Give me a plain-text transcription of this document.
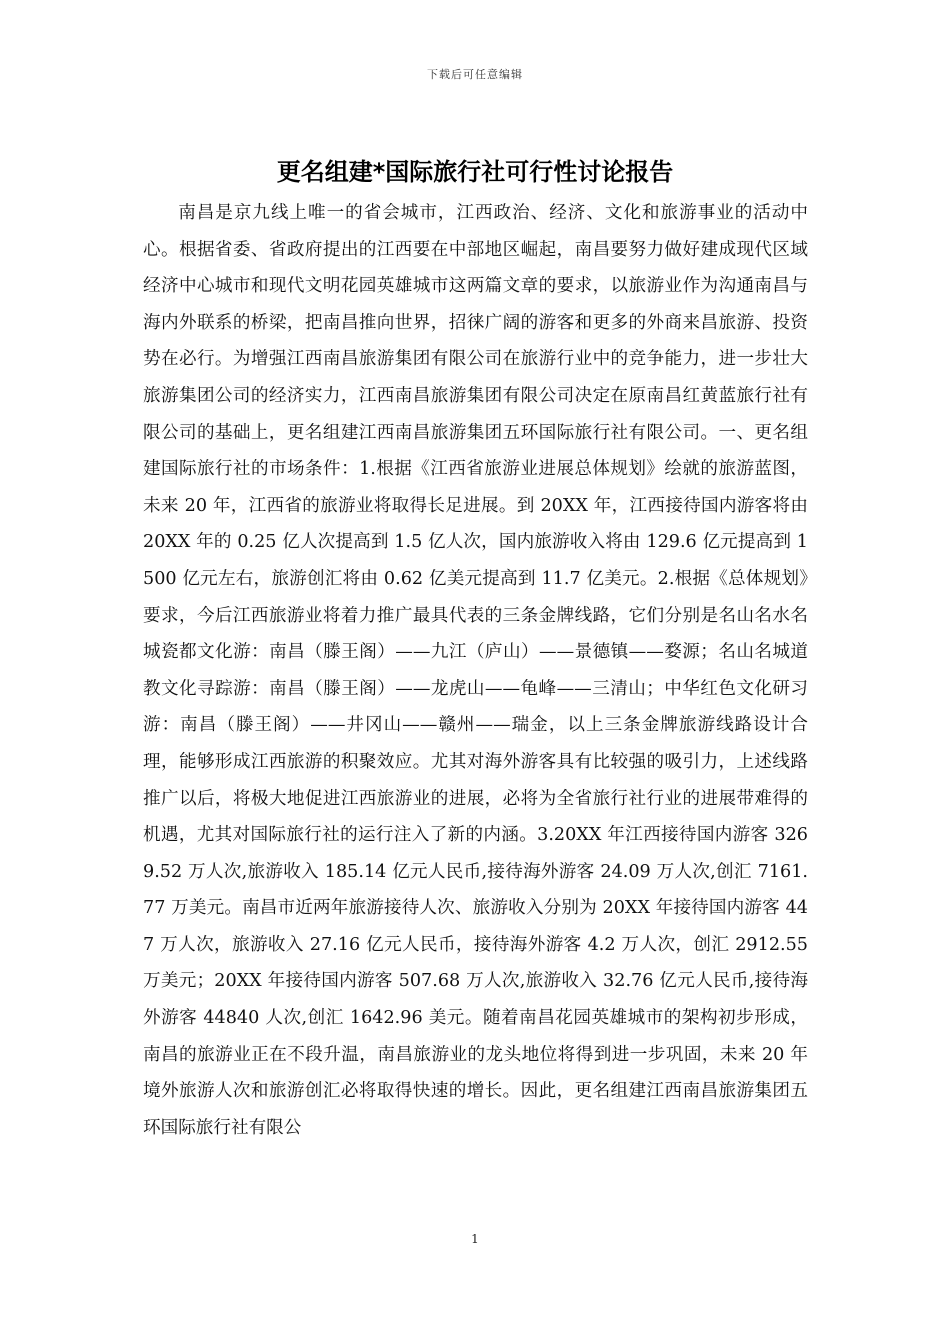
下载后可任意编辑
更名组建*国际旅行社可行性讨论报告

南昌是京九线上唯一的省会城市，江西政治、经济、文化和旅游事业的活动中心。根据省委、省政府提出的江西要在中部地区崛起，南昌要努力做好建成现代区域经济中心城市和现代文明花园英雄城市这两篇文章的要求，以旅游业作为沟通南昌与海内外联系的桥梁，把南昌推向世界，招徕广阔的游客和更多的外商来昌旅游、投资势在必行。为增强江西南昌旅游集团有限公司在旅游行业中的竞争能力，进一步壮大旅游集团公司的经济实力，江西南昌旅游集团有限公司决定在原南昌红黄蓝旅行社有限公司的基础上，更名组建江西南昌旅游集团五环国际旅行社有限公司。一、更名组建国际旅行社的市场条件：1.根据《江西省旅游业进展总体规划》绘就的旅游蓝图，未来 20 年，江西省的旅游业将取得长足进展。到 20XX 年，江西接待国内游客将由 20XX 年的 0.25 亿人次提高到 1.5 亿人次，国内旅游收入将由 129.6 亿元提高到 1500 亿元左右，旅游创汇将由 0.62 亿美元提高到 11.7 亿美元。2.根据《总体规划》要求，今后江西旅游业将着力推广最具代表的三条金牌线路，它们分别是名山名水名城瓷都文化游：南昌（滕王阁）——九江（庐山）——景德镇——婺源；名山名城道教文化寻踪游：南昌（滕王阁）——龙虎山——龟峰——三清山；中华红色文化研习游：南昌（滕王阁）——井冈山——赣州——瑞金，以上三条金牌旅游线路设计合理，能够形成江西旅游的积聚效应。尤其对海外游客具有比较强的吸引力，上述线路推广以后，将极大地促进江西旅游业的进展，必将为全省旅行社行业的进展带难得的机遇，尤其对国际旅行社的运行注入了新的内涵。3.20XX 年江西接待国内游客 3269.52 万人次,旅游收入 185.14 亿元人民币,接待海外游客 24.09 万人次,创汇 7161.77 万美元。南昌市近两年旅游接待人次、旅游收入分别为 20XX 年接待国内游客 447 万人次，旅游收入 27.16 亿元人民币，接待海外游客 4.2 万人次，创汇 2912.55 万美元；20XX 年接待国内游客 507.68 万人次,旅游收入 32.76 亿元人民币,接待海外游客 44840 人次,创汇 1642.96 美元。随着南昌花园英雄城市的架构初步形成，南昌的旅游业正在不段升温，南昌旅游业的龙头地位将得到进一步巩固，未来 20 年境外旅游人次和旅游创汇必将取得快速的增长。因此，更名组建江西南昌旅游集团五环国际旅行社有限公

1
